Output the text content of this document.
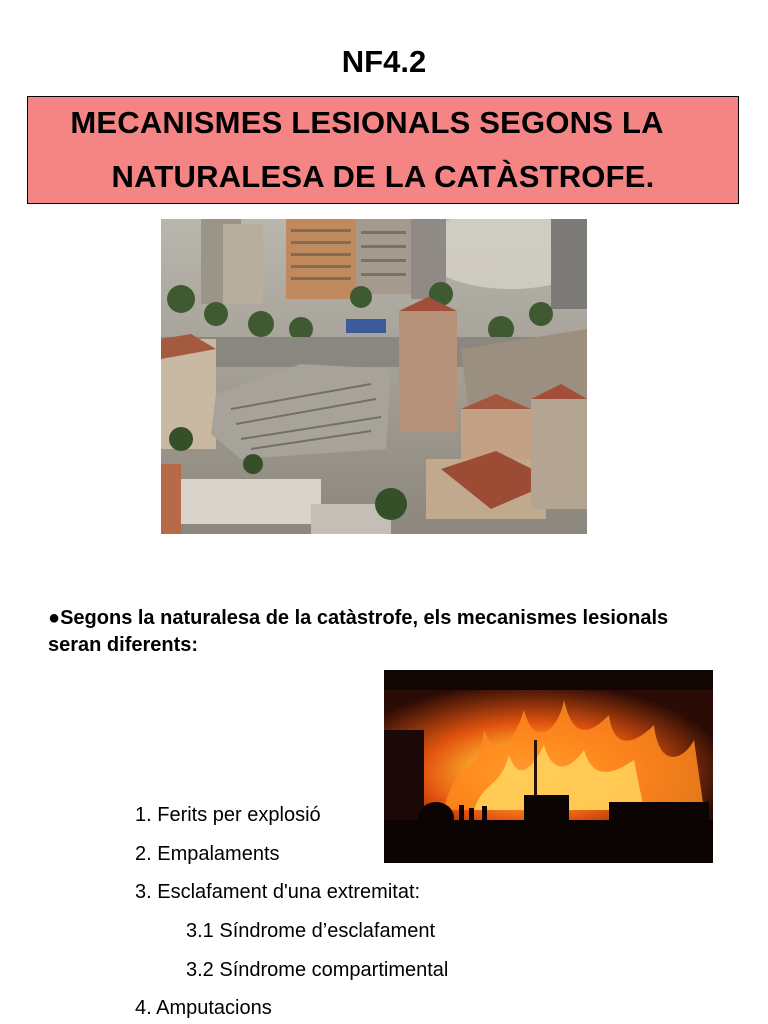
NF4.2
MECANISMES LESIONALS SEGONS LA
NATURALESA DE LA CATÀSTROFE.
●Segons la naturalesa de la catàstrofe, els mecanismes lesionals seran diferents:
1. Ferits per explosió
2. Empalaments
3. Esclafament d'una extremitat:
3.1 Síndrome d’esclafament
3.2 Síndrome compartimental
4. Amputacions
